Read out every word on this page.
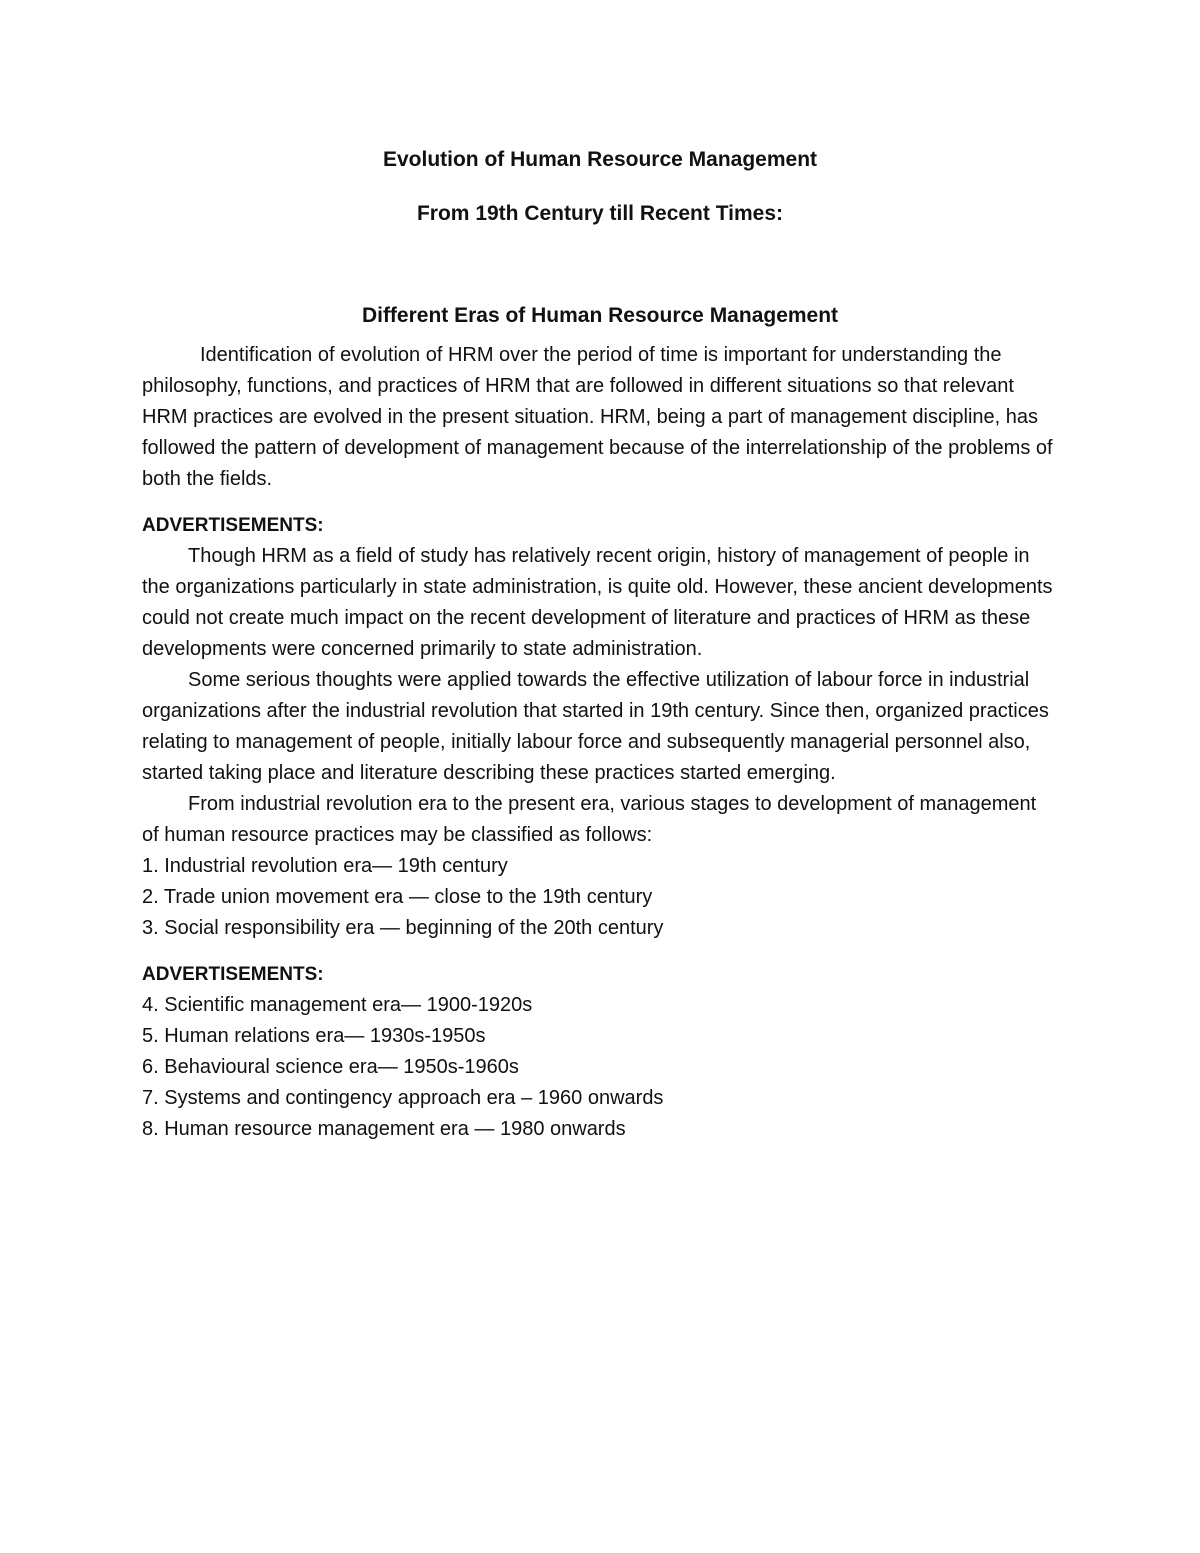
Evolution of Human Resource Management
From 19th Century till Recent Times:
Different Eras of Human Resource Management

Identification of evolution of HRM over the period of time is important for understanding the philosophy, functions, and practices of HRM that are followed in different situations so that relevant HRM practices are evolved in the present situation. HRM, being a part of management discipline, has followed the pattern of development of management because of the interrelationship of the problems of both the fields.

ADVERTISEMENTS:

Though HRM as a field of study has relatively recent origin, history of management of people in the organizations particularly in state administration, is quite old. However, these ancient developments could not create much impact on the recent development of literature and practices of HRM as these developments were concerned primarily to state administration.

Some serious thoughts were applied towards the effective utilization of labour force in industrial organizations after the industrial revolution that started in 19th century. Since then, organized practices relating to management of people, initially labour force and subsequently managerial personnel also, started taking place and literature describing these practices started emerging.

From industrial revolution era to the present era, various stages to development of management of human resource practices may be classified as follows:

1. Industrial revolution era— 19th century
2. Trade union movement era — close to the 19th century
3. Social responsibility era — beginning of the 20th century
ADVERTISEMENTS:
4. Scientific management era— 1900-1920s
5. Human relations era— 1930s-1950s
6. Behavioural science era— 1950s-1960s
7. Systems and contingency approach era – 1960 onwards
8. Human resource management era — 1980 onwards
